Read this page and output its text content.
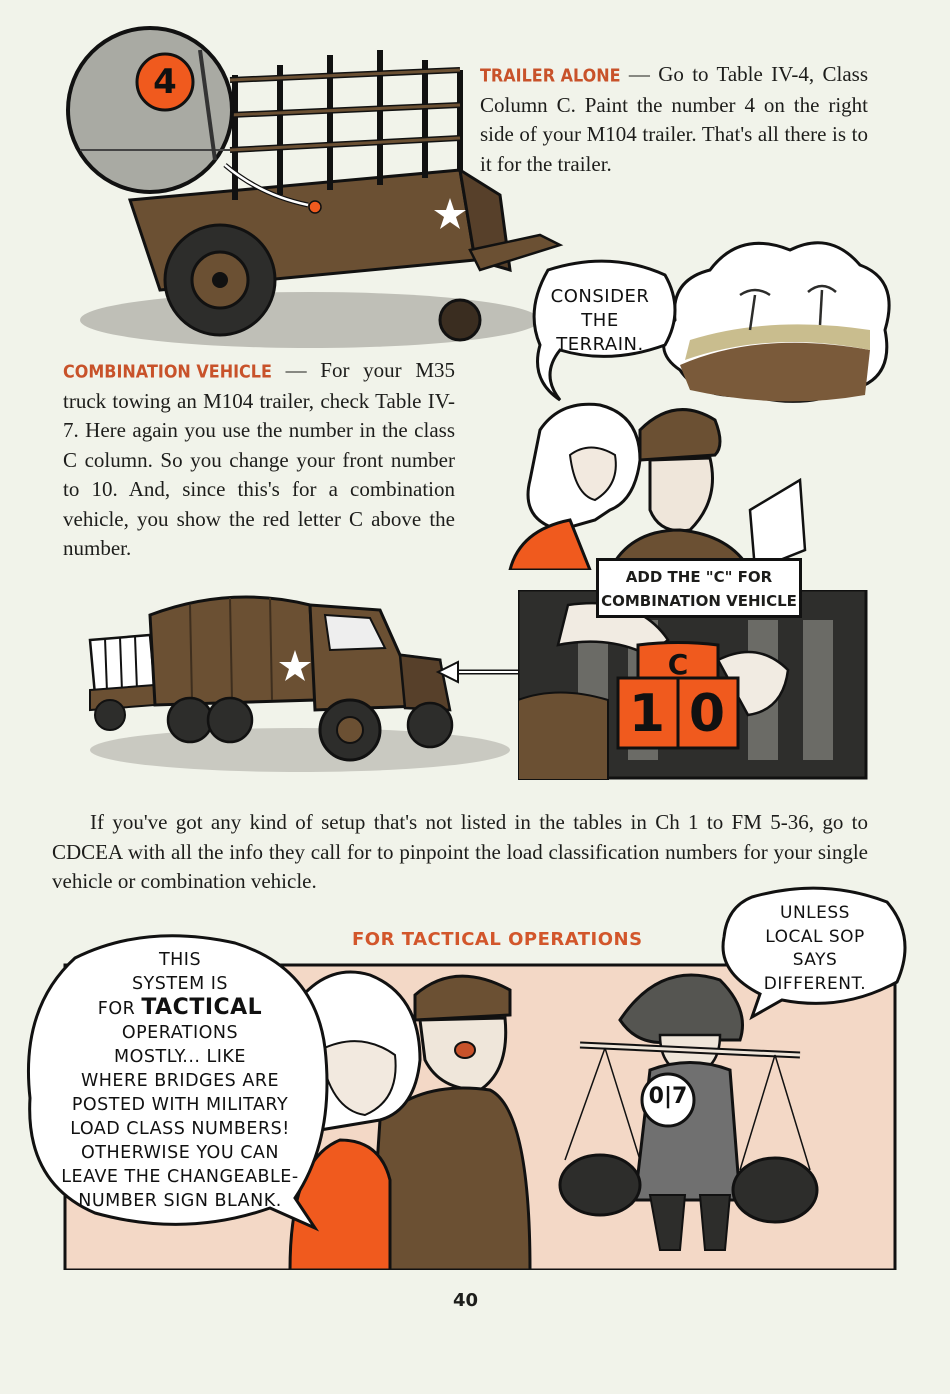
4	TRAILER ALONE — Go to Table IV-4, Class Column C. Paint the number 4 on the right side of your M104 trailer. That's all there is to it for the trailer.
CONSIDER THE TERRAIN.
COMBINATION VEHICLE — For your M35 truck towing an M104 trailer, check Table IV-7. Here again you use the number in the class C column. So you change your front number to 10. And, since this's for a combination vehicle, you show the red letter C above the number.
C
1 0
ADD THE "C" FOR
COMBINATION VEHICLE
If you've got any kind of setup that's not listed in the tables in Ch 1 to FM 5-36, go to CDCEA with all the info they call for to pinpoint the load classification numbers for your single vehicle or combination vehicle.
FOR TACTICAL OPERATIONS
0|7
THIS
SYSTEM IS
FOR TACTICAL
OPERATIONS
MOSTLY... LIKE
WHERE BRIDGES ARE
POSTED WITH MILITARY
LOAD CLASS NUMBERS!
OTHERWISE YOU CAN
LEAVE THE CHANGEABLE-
NUMBER SIGN BLANK.
UNLESS
LOCAL SOP
SAYS
DIFFERENT.
40
